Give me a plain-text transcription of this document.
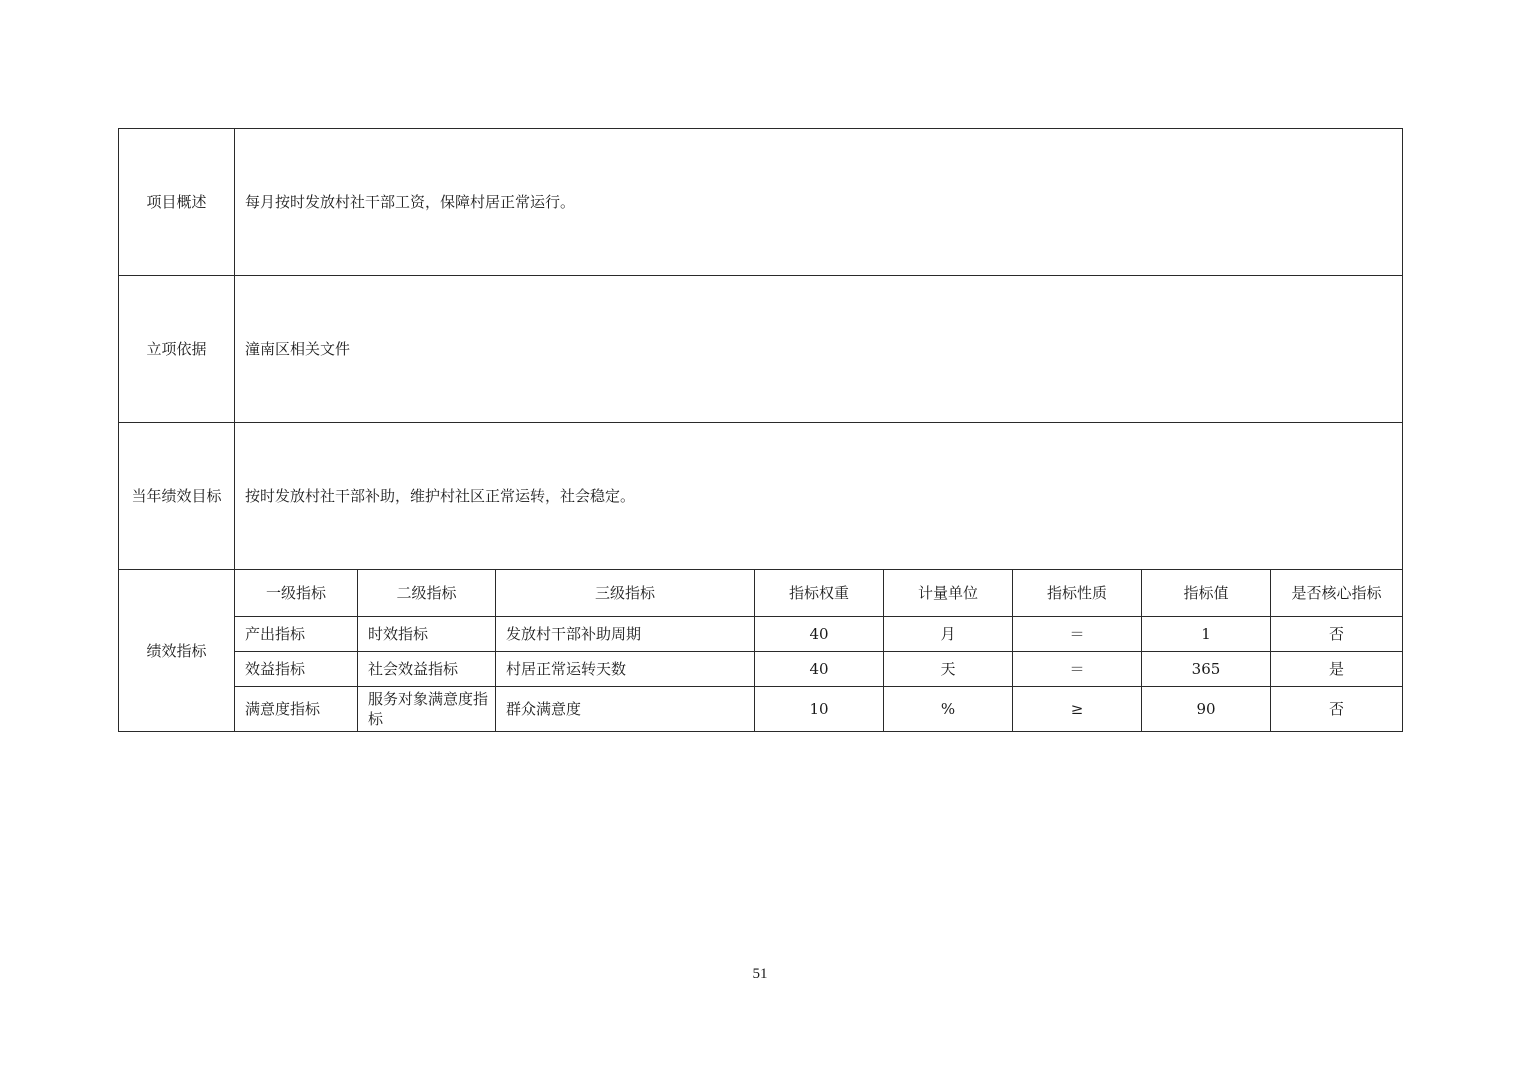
项目概述	每月按时发放村社干部工资，保障村居正常运行。							
立项依据	潼南区相关文件							
当年绩效目标	按时发放村社干部补助，维护村社区正常运转，社会稳定。							
绩效指标	一级指标	二级指标	三级指标	指标权重	计量单位	指标性质	指标值	是否核心指标
	产出指标	时效指标	发放村干部补助周期	40	月	＝	1	否
	效益指标	社会效益指标	村居正常运转天数	40	天	＝	365	是
	满意度指标	服务对象满意度指标	群众满意度	10	%	≥	90	否
51
